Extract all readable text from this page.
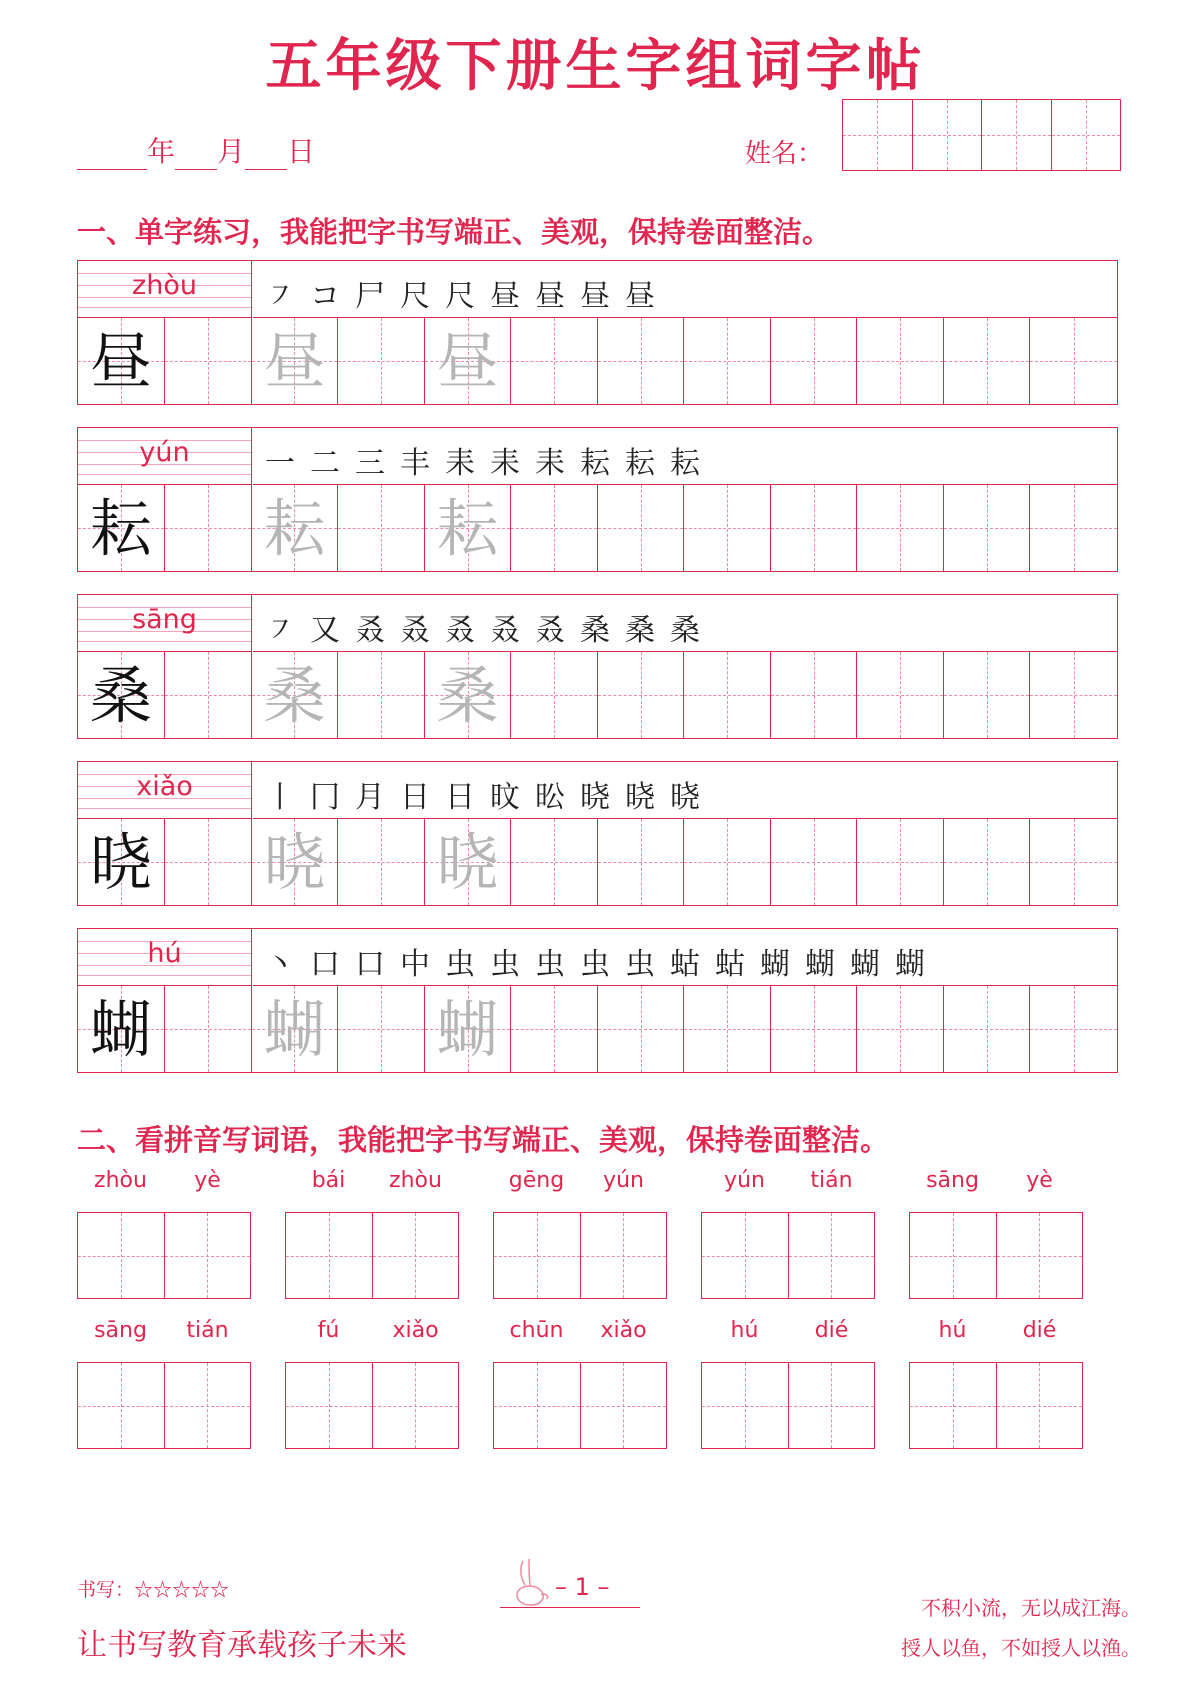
五年级下册生字组词字帖
年 月 日	姓名：
一、单字练习，我能把字书写端正、美观，保持卷面整洁。
zhòu	㇇ コ 尸 尺 尺 昼 昼 昼 昼
昼 昼 昼
yún	一 二 三 丰 耒 耒 耒 耘 耘 耘
耘 耘 耘
sāng	㇇ 又 叒 叒 叒 叒 叒 桑 桑 桑
桑 桑 桑
xiǎo	丨 冂 月 日 日 旼 昖 晓 晓 晓
晓 晓 晓
hú	丶 口 口 中 虫 虫 虫 虫 虫 蛄 蛄 蝴 蝴 蝴 蝴
蝴 蝴 蝴
二、看拼音写词语，我能把字书写端正、美观，保持卷面整洁。
zhòu	yè	bái	zhòu	gēng	yún	yún	tián	sāng	yè
sāng	tián	fú	xiǎo	chūn	xiǎo	hú	dié	hú	dié
书写：☆☆☆☆☆
让书写教育承载孩子未来
– 1 –
不积小流，无以成江海。
授人以鱼，不如授人以渔。
